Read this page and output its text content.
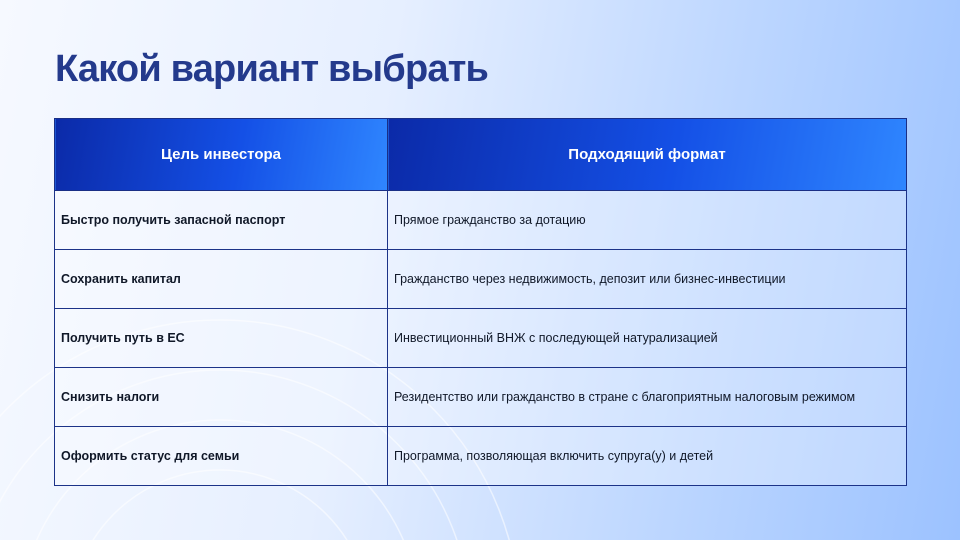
Какой вариант выбрать
Цель инвестора	Подходящий формат
Быстро получить запасной паспорт	Прямое гражданство за дотацию
Сохранить капитал	Гражданство через недвижимость, депозит или бизнес-инвестиции
Получить путь в ЕС	Инвестиционный ВНЖ с последующей натурализацией
Снизить налоги	Резидентство или гражданство в стране с благоприятным налоговым режимом
Оформить статус для семьи	Программа, позволяющая включить супруга(у) и детей
